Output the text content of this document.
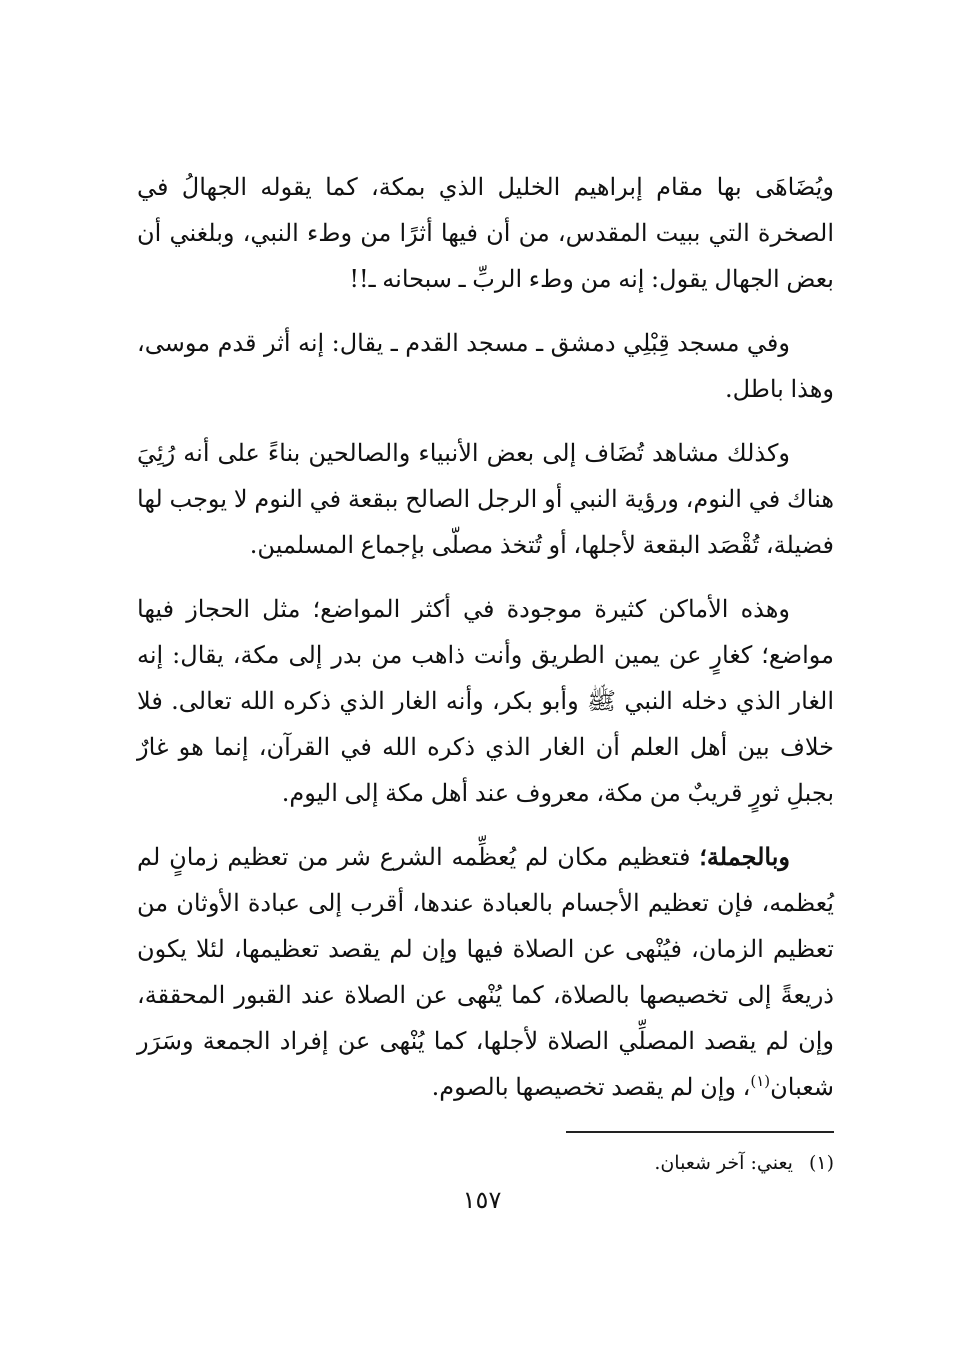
ويُضَاهَى بها مقام إبراهيم الخليل الذي بمكة، كما يقوله الجهالُ في الصخرة التي ببيت المقدس، من أن فيها أثرًا من وطء النبي، وبلغني أن بعض الجهال يقول: إنه من وطء الربِّ ـ سبحانه ـ!!

وفي مسجد قِبْلِي دمشق ـ مسجد القدم ـ يقال: إنه أثر قدم موسى، وهذا باطل.

وكذلك مشاهد تُضَاف إلى بعض الأنبياء والصالحين بناءً على أنه رُئِيَ هناك في النوم، ورؤية النبي أو الرجل الصالح ببقعة في النوم لا يوجب لها فضيلة، تُقْصَد البقعة لأجلها، أو تُتخذ مصلّى بإجماع المسلمين.

وهذه الأماكن كثيرة موجودة في أكثر المواضع؛ مثل الحجاز فيها مواضع؛ كغارٍ عن يمين الطريق وأنت ذاهب من بدر إلى مكة، يقال: إنه الغار الذي دخله النبي ﷺ وأبو بكر، وأنه الغار الذي ذكره الله تعالى. فلا خلاف بين أهل العلم أن الغار الذي ذكره الله في القرآن، إنما هو غارٌ بجبلِ ثورٍ قريبٌ من مكة، معروف عند أهل مكة إلى اليوم.

وبالجملة؛ فتعظيم مكان لم يُعظِّمه الشرع شر من تعظيم زمانٍ لم يُعظمه، فإن تعظيم الأجسام بالعبادة عندها، أقرب إلى عبادة الأوثان من تعظيم الزمان، فيُنْهى عن الصلاة فيها وإن لم يقصد تعظيمها، لئلا يكون ذريعةً إلى تخصيصها بالصلاة، كما يُنْهى عن الصلاة عند القبور المحققة، وإن لم يقصد المصلِّي الصلاة لأجلها، كما يُنْهى عن إفراد الجمعة وسَرَر شعبان$^{(١)}$، وإن لم يقصد تخصيصها بالصوم.

(١)يعني: آخر شعبان.
١٥٧
